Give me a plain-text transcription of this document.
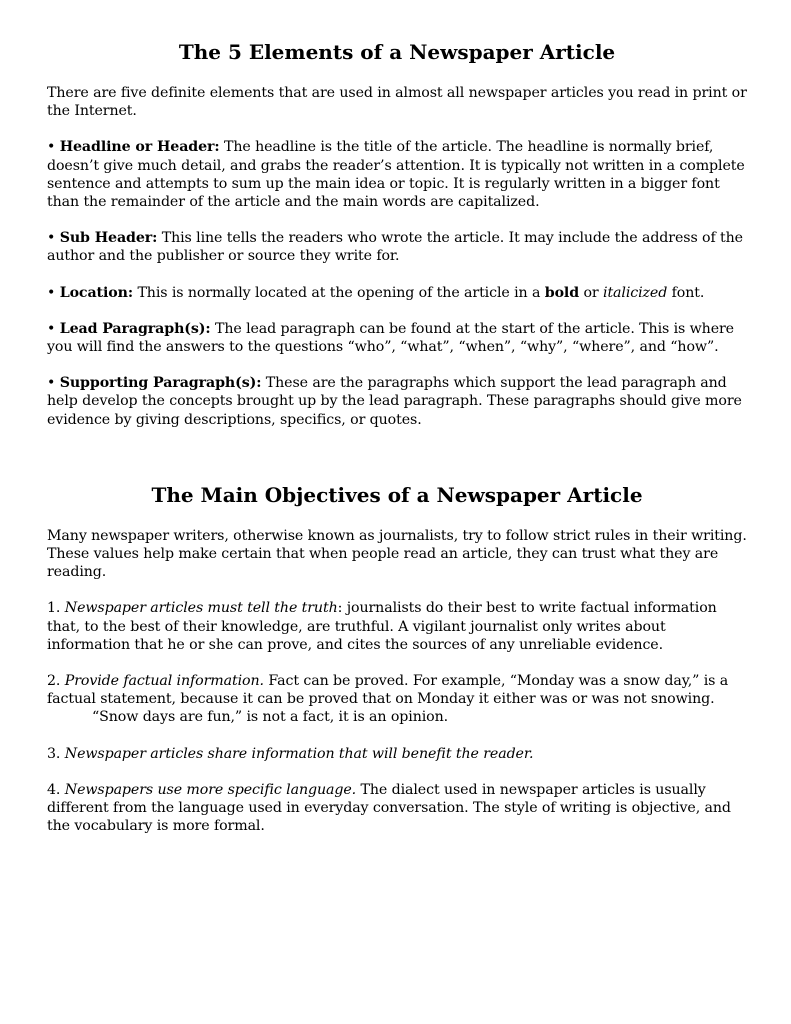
The 5 Elements of a Newspaper Article

There are five definite elements that are used in almost all newspaper articles you read in print or the Internet.

• Headline or Header: The headline is the title of the article. The headline is normally brief, doesn’t give much detail, and grabs the reader’s attention. It is typically not written in a complete sentence and attempts to sum up the main idea or topic. It is regularly written in a bigger font than the remainder of the article and the main words are capitalized.

• Sub Header: This line tells the readers who wrote the article. It may include the address of the author and the publisher or source they write for.

• Location: This is normally located at the opening of the article in a bold or italicized font.

• Lead Paragraph(s): The lead paragraph can be found at the start of the article. This is where you will find the answers to the questions “who”, “what”, “when”, “why”, “where”, and “how”.

• Supporting Paragraph(s): These are the paragraphs which support the lead paragraph and help develop the concepts brought up by the lead paragraph. These paragraphs should give more evidence by giving descriptions, specifics, or quotes.

The Main Objectives of a Newspaper Article

Many newspaper writers, otherwise known as journalists, try to follow strict rules in their writing. These values help make certain that when people read an article, they can trust what they are reading.

1. Newspaper articles must tell the truth: journalists do their best to write factual information that, to the best of their knowledge, are truthful. A vigilant journalist only writes about information that he or she can prove, and cites the sources of any unreliable evidence.

2. Provide factual information. Fact can be proved. For example, “Monday was a snow day,” is a factual statement, because it can be proved that on Monday it either was or was not snowing.

“Snow days are fun,” is not a fact, it is an opinion.

3. Newspaper articles share information that will benefit the reader.

4. Newspapers use more specific language. The dialect used in newspaper articles is usually different from the language used in everyday conversation. The style of writing is objective, and the vocabulary is more formal.
